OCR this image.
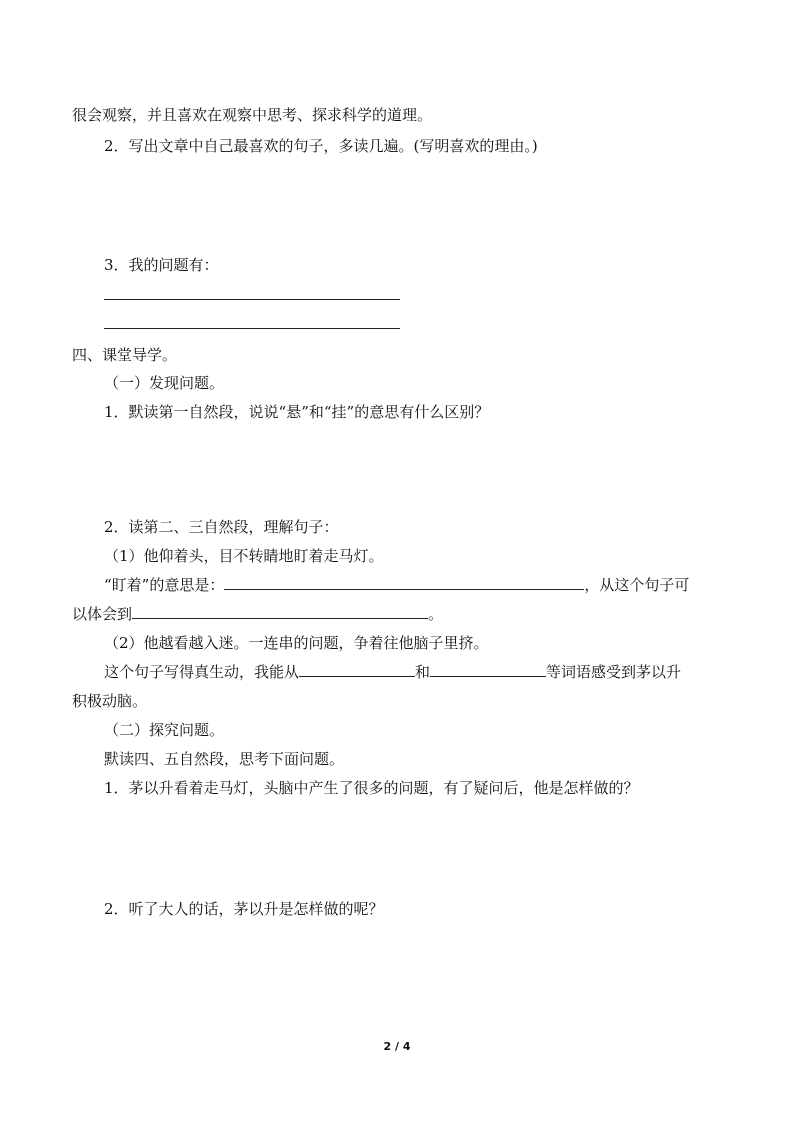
很会观察，并且喜欢在观察中思考、探求科学的道理。
2．写出文章中自己最喜欢的句子，多读几遍。(写明喜欢的理由。)
3．我的问题有：
四、课堂导学。
（一）发现问题。
1．默读第一自然段，说说“悬”和“挂”的意思有什么区别？
2．读第二、三自然段，理解句子：
（1）他仰着头，目不转睛地盯着走马灯。
“盯着”的意思是：	，从这个句子可
以体会到	。
（2）他越看越入迷。一连串的问题，争着往他脑子里挤。
这个句子写得真生动，我能从	和	等词语感受到茅以升
积极动脑。
（二）探究问题。
默读四、五自然段，思考下面问题。
1．茅以升看着走马灯，头脑中产生了很多的问题，有了疑问后，他是怎样做的？
2．听了大人的话，茅以升是怎样做的呢？
2 / 4
